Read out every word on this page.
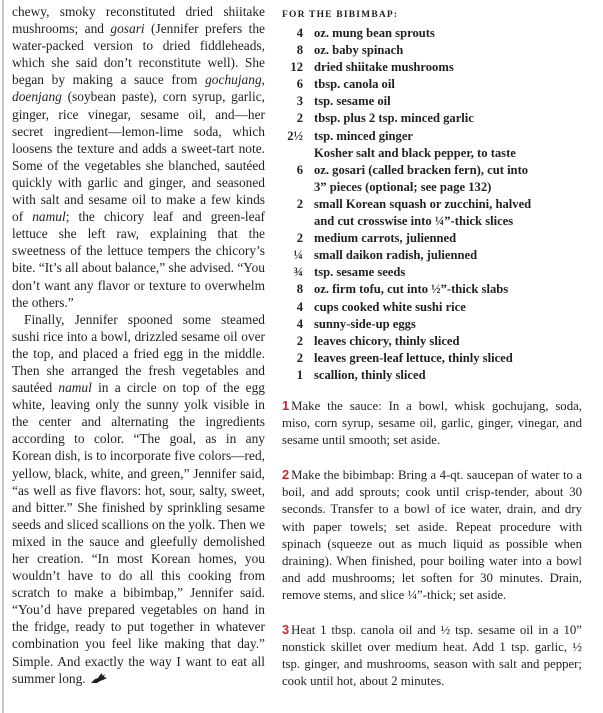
chewy, smoky reconstituted dried shiitake mushrooms; and gosari (Jennifer prefers the water-packed version to dried fiddleheads, which she said don’t reconstitute well). She began by making a sauce from gochujang, doenjang (soybean paste), corn syrup, garlic, ginger, rice vinegar, sesame oil, and—her secret ingredient—lemon-lime soda, which loosens the texture and adds a sweet-tart note. Some of the vegetables she blanched, sautéed quickly with garlic and ginger, and seasoned with salt and sesame oil to make a few kinds of namul; the chicory leaf and green-leaf lettuce she left raw, explaining that the sweetness of the lettuce tempers the chicory’s bite. “It’s all about balance,” she advised. “You don’t want any flavor or texture to overwhelm the others.”

Finally, Jennifer spooned some steamed sushi rice into a bowl, drizzled sesame oil over the top, and placed a fried egg in the middle. Then she arranged the fresh vegetables and sautéed namul in a circle on top of the egg white, leaving only the sunny yolk visible in the center and alternating the ingredients according to color. “The goal, as in any Korean dish, is to incorporate five colors—red, yellow, black, white, and green,” Jennifer said, “as well as five flavors: hot, sour, salty, sweet, and bitter.” She finished by sprinkling sesame seeds and sliced scallions on the yolk. Then we mixed in the sauce and gleefully demolished her creation. “In most Korean homes, you wouldn’t have to do all this cooking from scratch to make a bibimbap,” Jennifer said. “You’d have prepared vegetables on hand in the fridge, ready to put together in whatever combination you feel like making that day.” Simple. And exactly the way I want to eat all summer long.

FOR THE BIBIMBAP:
4 oz. mung bean sprouts
8 oz. baby spinach
12 dried shiitake mushrooms
6 tbsp. canola oil
3 tsp. sesame oil
2 tbsp. plus 2 tsp. minced garlic
2½ tsp. minced ginger
Kosher salt and black pepper, to taste
6 oz. gosari (called bracken fern), cut into
3” pieces (optional; see page 132)
2 small Korean squash or zucchini, halved
and cut crosswise into ¼”-thick slices
2 medium carrots, julienned
¼ small daikon radish, julienned
¾ tsp. sesame seeds
8 oz. firm tofu, cut into ½”-thick slabs
4 cups cooked white sushi rice
4 sunny-side-up eggs
2 leaves chicory, thinly sliced
2 leaves green-leaf lettuce, thinly sliced
1 scallion, thinly sliced

1 Make the sauce: In a bowl, whisk gochujang, soda, miso, corn syrup, sesame oil, garlic, ginger, vinegar, and sesame until smooth; set aside.

2 Make the bibimbap: Bring a 4-qt. saucepan of water to a boil, and add sprouts; cook until crisp-tender, about 30 seconds. Transfer to a bowl of ice water, drain, and dry with paper towels; set aside. Repeat procedure with spinach (squeeze out as much liquid as possible when draining). When finished, pour boiling water into a bowl and add mushrooms; let soften for 30 minutes. Drain, remove stems, and slice ¼”-thick; set aside.

3 Heat 1 tbsp. canola oil and ½ tsp. sesame oil in a 10” nonstick skillet over medium heat. Add 1 tsp. garlic, ½ tsp. ginger, and mushrooms, season with salt and pepper; cook until hot, about 2 minutes.
